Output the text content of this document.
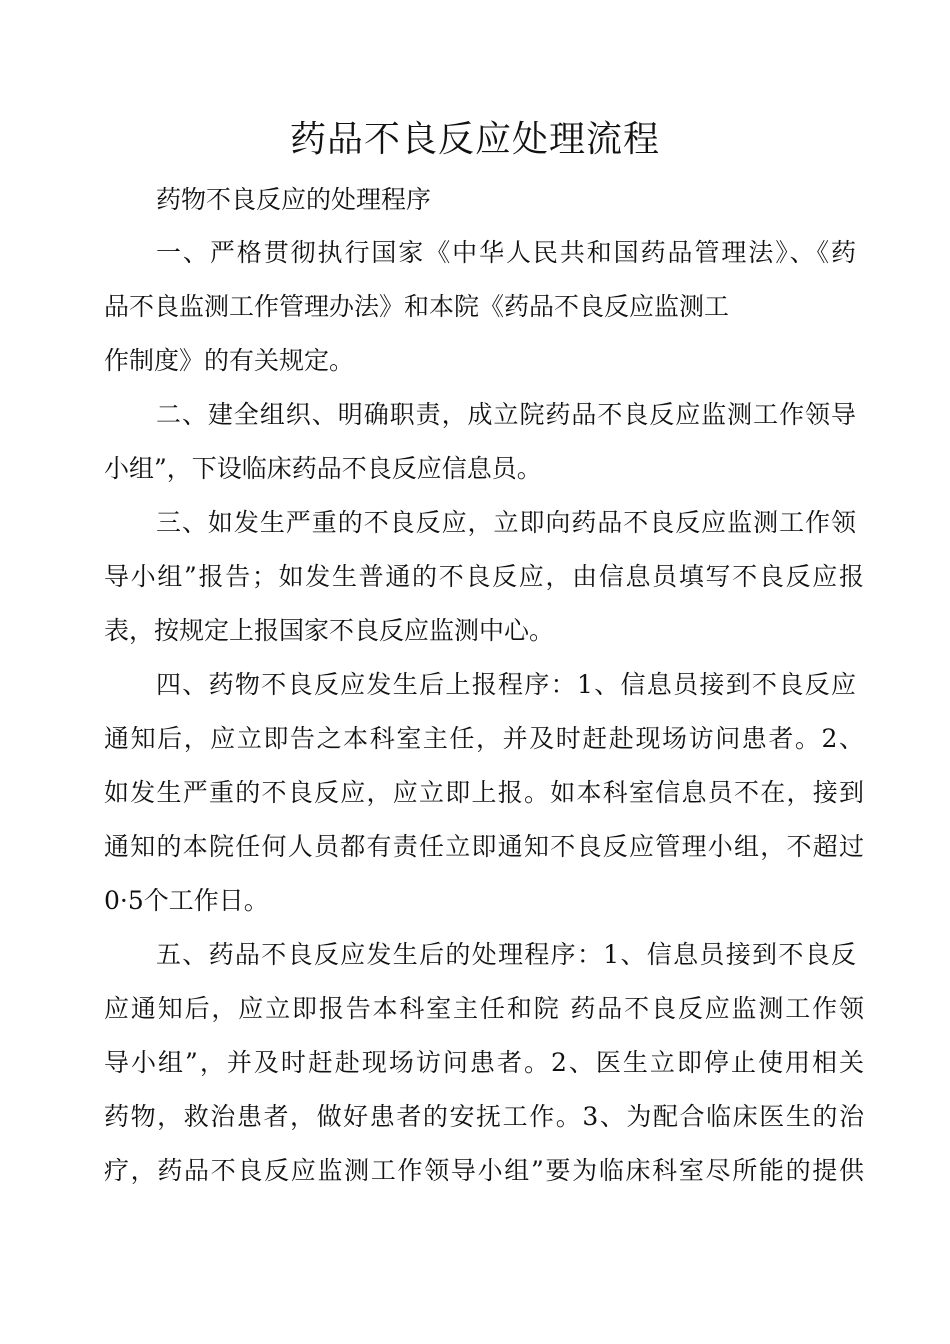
药品不良反应处理流程
药物不良反应的处理程序
一、严格贯彻执行国家《中华人民共和国药品管理法》、《药
品不良监测工作管理办法》和本院《药品不良反应监测工
作制度》的有关规定。
二、建全组织、明确职责，成立院药品不良反应监测工作领导
小组”，下设临床药品不良反应信息员。
三、如发生严重的不良反应，立即向药品不良反应监测工作领
导小组”报告；如发生普通的不良反应，由信息员填写不良反应报
表，按规定上报国家不良反应监测中心。
四、药物不良反应发生后上报程序：1、信息员接到不良反应
通知后，应立即告之本科室主任，并及时赶赴现场访问患者。2、
如发生严重的不良反应，应立即上报。如本科室信息员不在，接到
通知的本院任何人员都有责任立即通知不良反应管理小组，不超过
0·5个工作日。
五、药品不良反应发生后的处理程序：1、信息员接到不良反
应通知后，应立即报告本科室主任和院 药品不良反应监测工作领
导小组”，并及时赶赴现场访问患者。2、医生立即停止使用相关
药物，救治患者，做好患者的安抚工作。3、为配合临床医生的治
疗，药品不良反应监测工作领导小组”要为临床科室尽所能的提供
